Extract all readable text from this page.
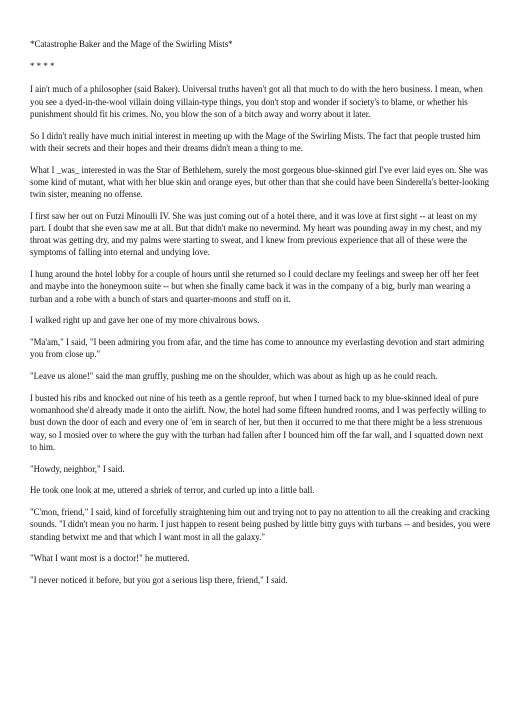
*Catastrophe Baker and the Mage of the Swirling Mists*

* * * *

I ain't much of a philosopher (said Baker). Universal truths haven't got all that much to do with the hero business. I mean, when you see a dyed-in-the-wool villain doing villain-type things, you don't stop and wonder if society's to blame, or whether his punishment should fit his crimes. No, you blow the son of a bitch away and worry about it later.

So I didn't really have much initial interest in meeting up with the Mage of the Swirling Mists. The fact that people trusted him with their secrets and their hopes and their dreams didn't mean a thing to me.

What I _was_ interested in was the Star of Bethlehem, surely the most gorgeous blue-skinned girl I've ever laid eyes on. She was some kind of mutant, what with her blue skin and orange eyes, but other than that she could have been Sinderella's better-looking twin sister, meaning no offense.

I first saw her out on Futzi Minoulli IV. She was just coming out of a hotel there, and it was love at first sight -- at least on my part. I doubt that she even saw me at all. But that didn't make no nevermind. My heart was pounding away in my chest, and my throat was getting dry, and my palms were starting to sweat, and I knew from previous experience that all of these were the symptoms of falling into eternal and undying love.

I hung around the hotel lobby for a couple of hours until she returned so I could declare my feelings and sweep her off her feet and maybe into the honeymoon suite -- but when she finally came back it was in the company of a big, burly man wearing a turban and a robe with a bunch of stars and quarter-moons and stuff on it.

I walked right up and gave her one of my more chivalrous bows.

"Ma'am," I said, "I been admiring you from afar, and the time has come to announce my everlasting devotion and start admiring you from close up."

"Leave us alone!" said the man gruffly, pushing me on the shoulder, which was about as high up as he could reach.

I busted his ribs and knocked out nine of his teeth as a gentle reproof, but when I turned back to my blue-skinned ideal of pure womanhood she'd already made it onto the airlift. Now, the hotel had some fifteen hundred rooms, and I was perfectly willing to bust down the door of each and every one of 'em in search of her, but then it occurred to me that there might be a less strenuous way, so I mosied over to where the guy with the turban had fallen after I bounced him off the far wall, and I squatted down next to him.

"Howdy, neighbor," I said.

He took one look at me, uttered a shriek of terror, and curled up into a little ball.

"C'mon, friend," I said, kind of forcefully straightening him out and trying not to pay no attention to all the creaking and cracking sounds. "I didn't mean you no harm. I just happen to resent being pushed by little bitty guys with turbans -- and besides, you were standing betwixt me and that which I want most in all the galaxy."

"What I want most is a doctor!" he muttered.

"I never noticed it before, but you got a serious lisp there, friend," I said.
